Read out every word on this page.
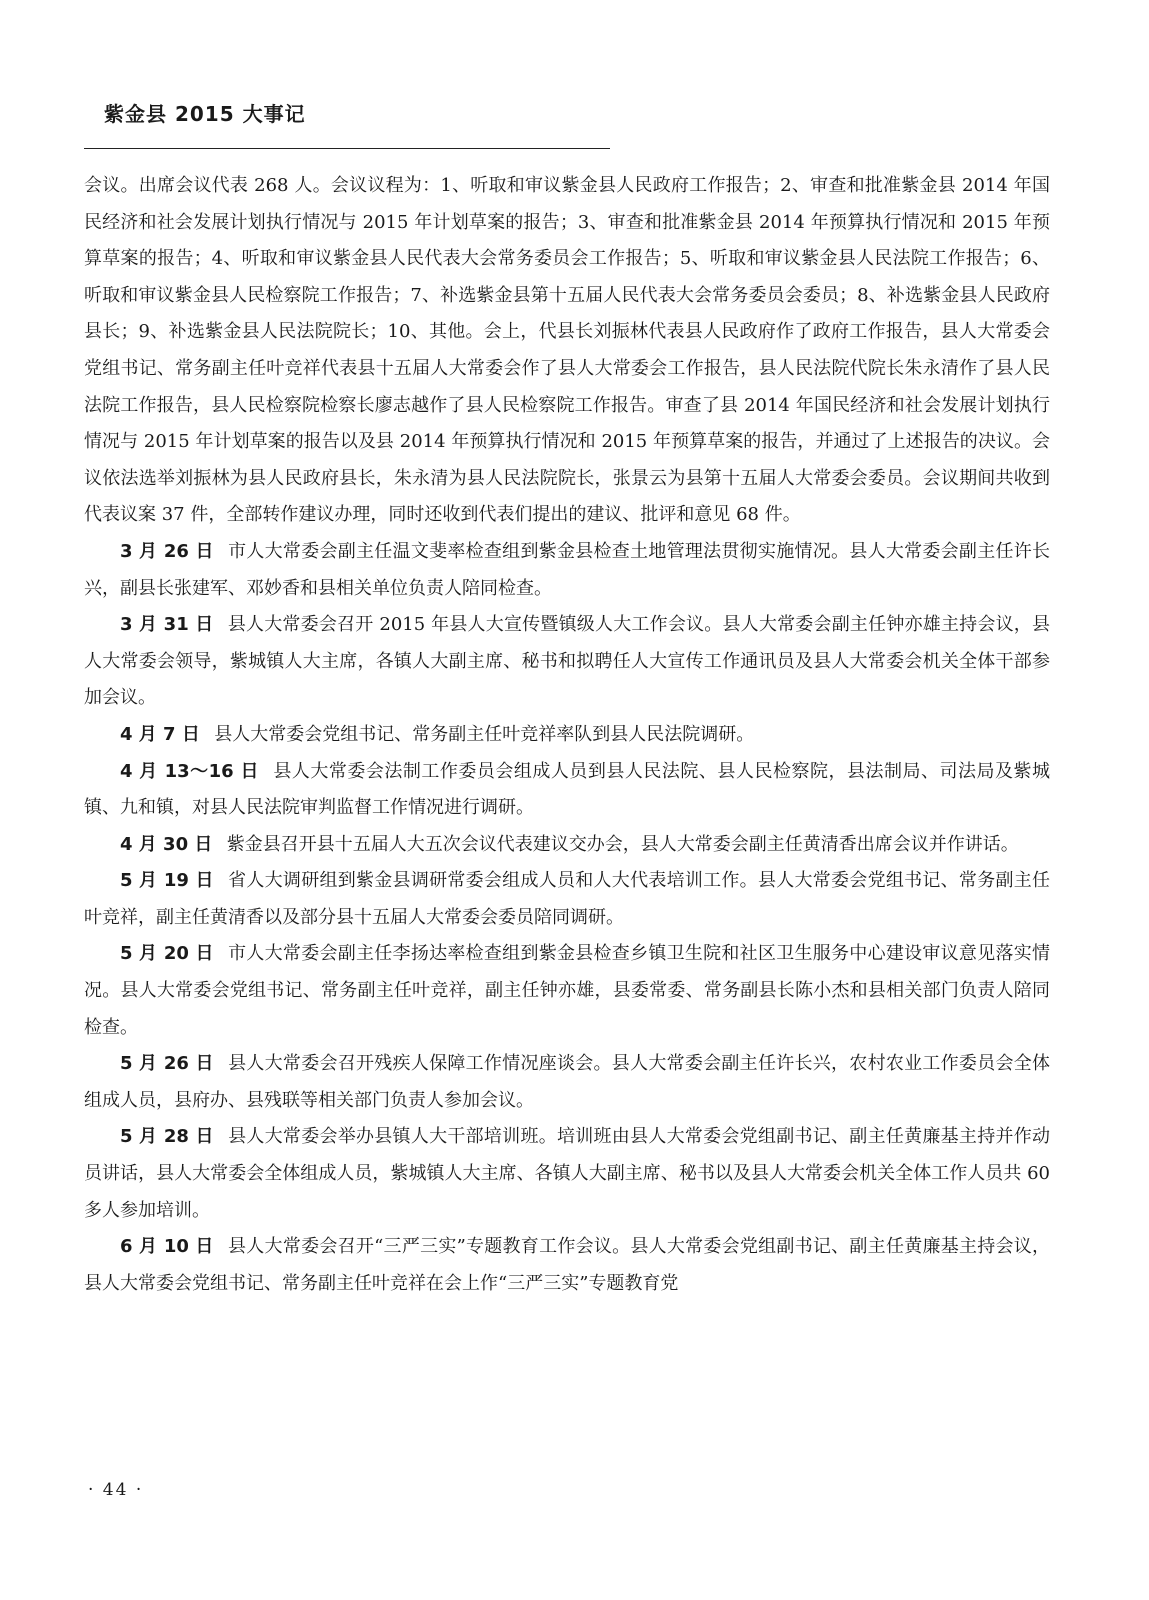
紫金县 2015 大事记

会议。出席会议代表 268 人。会议议程为：1、听取和审议紫金县人民政府工作报告；2、审查和批准紫金县 2014 年国民经济和社会发展计划执行情况与 2015 年计划草案的报告；3、审查和批准紫金县 2014 年预算执行情况和 2015 年预算草案的报告；4、听取和审议紫金县人民代表大会常务委员会工作报告；5、听取和审议紫金县人民法院工作报告；6、听取和审议紫金县人民检察院工作报告；7、补选紫金县第十五届人民代表大会常务委员会委员；8、补选紫金县人民政府县长；9、补选紫金县人民法院院长；10、其他。会上，代县长刘振林代表县人民政府作了政府工作报告，县人大常委会党组书记、常务副主任叶竞祥代表县十五届人大常委会作了县人大常委会工作报告，县人民法院代院长朱永清作了县人民法院工作报告，县人民检察院检察长廖志越作了县人民检察院工作报告。审查了县 2014 年国民经济和社会发展计划执行情况与 2015 年计划草案的报告以及县 2014 年预算执行情况和 2015 年预算草案的报告，并通过了上述报告的决议。会议依法选举刘振林为县人民政府县长，朱永清为县人民法院院长，张景云为县第十五届人大常委会委员。会议期间共收到代表议案 37 件，全部转作建议办理，同时还收到代表们提出的建议、批评和意见 68 件。

3 月 26 日 市人大常委会副主任温文斐率检查组到紫金县检查土地管理法贯彻实施情况。县人大常委会副主任许长兴，副县长张建军、邓妙香和县相关单位负责人陪同检查。

3 月 31 日 县人大常委会召开 2015 年县人大宣传暨镇级人大工作会议。县人大常委会副主任钟亦雄主持会议，县人大常委会领导，紫城镇人大主席，各镇人大副主席、秘书和拟聘任人大宣传工作通讯员及县人大常委会机关全体干部参加会议。

4 月 7 日 县人大常委会党组书记、常务副主任叶竞祥率队到县人民法院调研。

4 月 13～16 日 县人大常委会法制工作委员会组成人员到县人民法院、县人民检察院，县法制局、司法局及紫城镇、九和镇，对县人民法院审判监督工作情况进行调研。

4 月 30 日 紫金县召开县十五届人大五次会议代表建议交办会，县人大常委会副主任黄清香出席会议并作讲话。

5 月 19 日 省人大调研组到紫金县调研常委会组成人员和人大代表培训工作。县人大常委会党组书记、常务副主任叶竞祥，副主任黄清香以及部分县十五届人大常委会委员陪同调研。

5 月 20 日 市人大常委会副主任李扬达率检查组到紫金县检查乡镇卫生院和社区卫生服务中心建设审议意见落实情况。县人大常委会党组书记、常务副主任叶竞祥，副主任钟亦雄，县委常委、常务副县长陈小杰和县相关部门负责人陪同检查。

5 月 26 日 县人大常委会召开残疾人保障工作情况座谈会。县人大常委会副主任许长兴，农村农业工作委员会全体组成人员，县府办、县残联等相关部门负责人参加会议。

5 月 28 日 县人大常委会举办县镇人大干部培训班。培训班由县人大常委会党组副书记、副主任黄廉基主持并作动员讲话，县人大常委会全体组成人员，紫城镇人大主席、各镇人大副主席、秘书以及县人大常委会机关全体工作人员共 60 多人参加培训。

6 月 10 日 县人大常委会召开“三严三实”专题教育工作会议。县人大常委会党组副书记、副主任黄廉基主持会议，县人大常委会党组书记、常务副主任叶竞祥在会上作“三严三实”专题教育党

· 44 ·
